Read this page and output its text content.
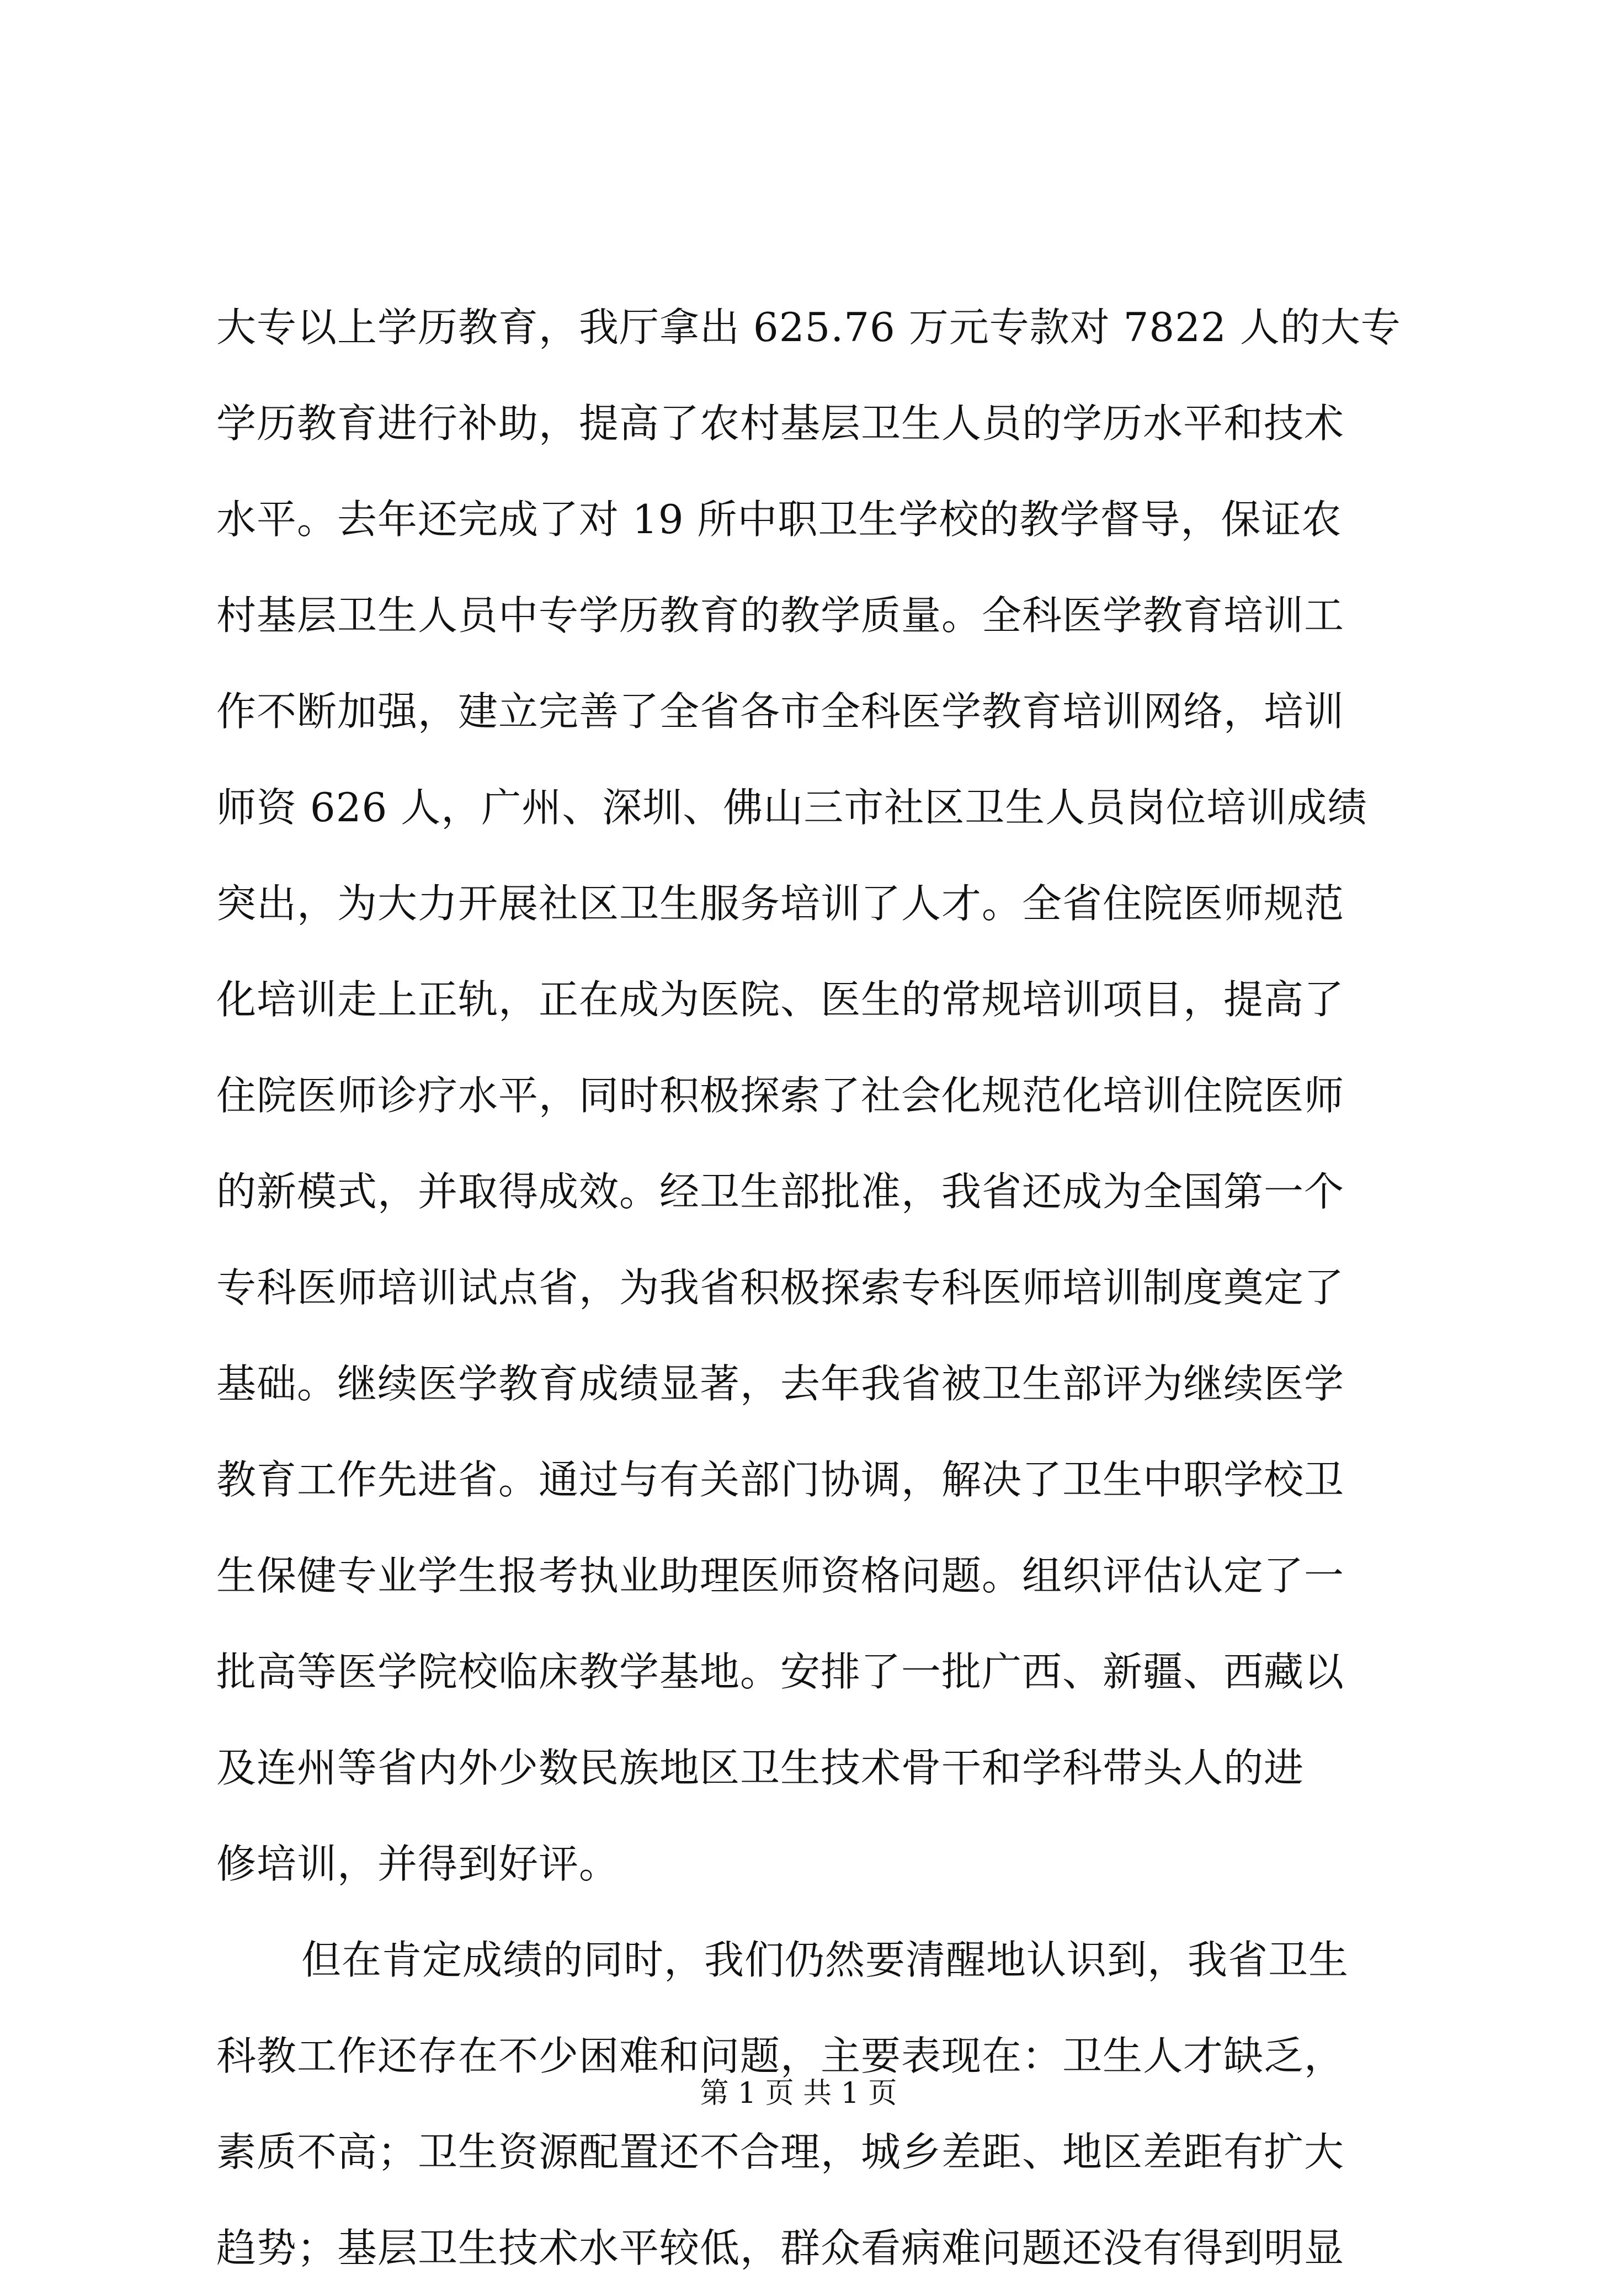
大专以上学历教育，我厅拿出 625.76 万元专款对 7822 人的大专
学历教育进行补助，提高了农村基层卫生人员的学历水平和技术
水平。去年还完成了对 19 所中职卫生学校的教学督导，保证农
村基层卫生人员中专学历教育的教学质量。全科医学教育培训工
作不断加强，建立完善了全省各市全科医学教育培训网络，培训
师资 626 人，广州、深圳、佛山三市社区卫生人员岗位培训成绩
突出，为大力开展社区卫生服务培训了人才。全省住院医师规范
化培训走上正轨，正在成为医院、医生的常规培训项目，提高了
住院医师诊疗水平，同时积极探索了社会化规范化培训住院医师
的新模式，并取得成效。经卫生部批准，我省还成为全国第一个
专科医师培训试点省，为我省积极探索专科医师培训制度奠定了
基础。继续医学教育成绩显著，去年我省被卫生部评为继续医学
教育工作先进省。通过与有关部门协调，解决了卫生中职学校卫
生保健专业学生报考执业助理医师资格问题。组织评估认定了一
批高等医学院校临床教学基地。安排了一批广西、新疆、西藏以
及连州等省内外少数民族地区卫生技术骨干和学科带头人的进
修培训，并得到好评。
但在肯定成绩的同时，我们仍然要清醒地认识到，我省卫生
科教工作还存在不少困难和问题，主要表现在：卫生人才缺乏，
素质不高；卫生资源配置还不合理，城乡差距、地区差距有扩大
趋势；基层卫生技术水平较低，群众看病难问题还没有得到明显
第 1 页 共 1 页
